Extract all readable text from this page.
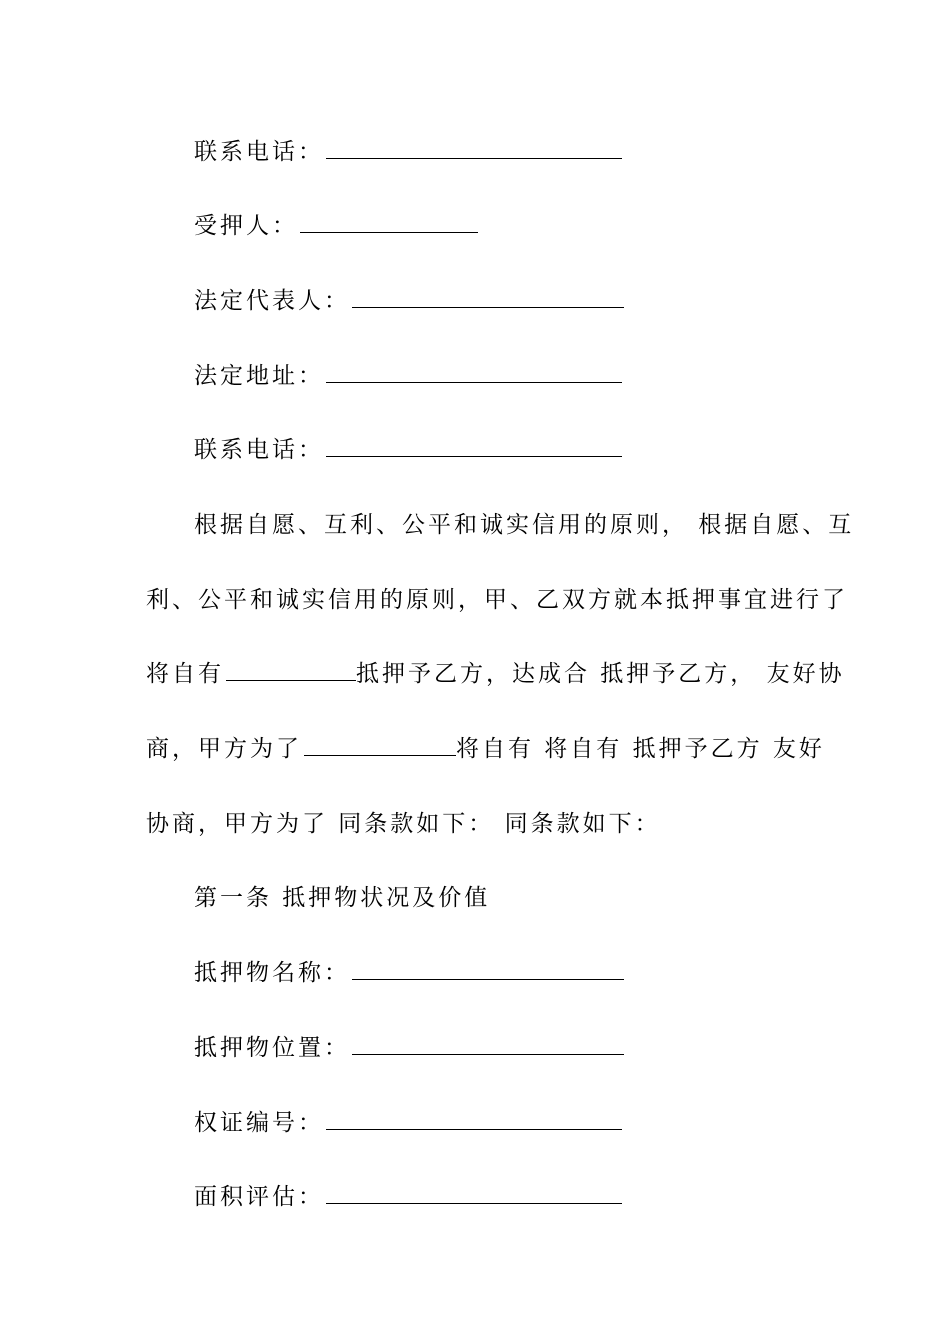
联系电话：
受押人：
法定代表人：
法定地址：
联系电话：
根据自愿、互利、公平和诚实信用的原则， 根据自愿、互
利、公平和诚实信用的原则，甲、乙双方就本抵押事宜进行了
将自有	抵押予乙方，达成合 抵押予乙方， 友好协
商，甲方为了	将自有 将自有 抵押予乙方 友好
协商，甲方为了 同条款如下： 同条款如下：
第一条 抵押物状况及价值
抵押物名称：
抵押物位置：
权证编号：
面积评估：
